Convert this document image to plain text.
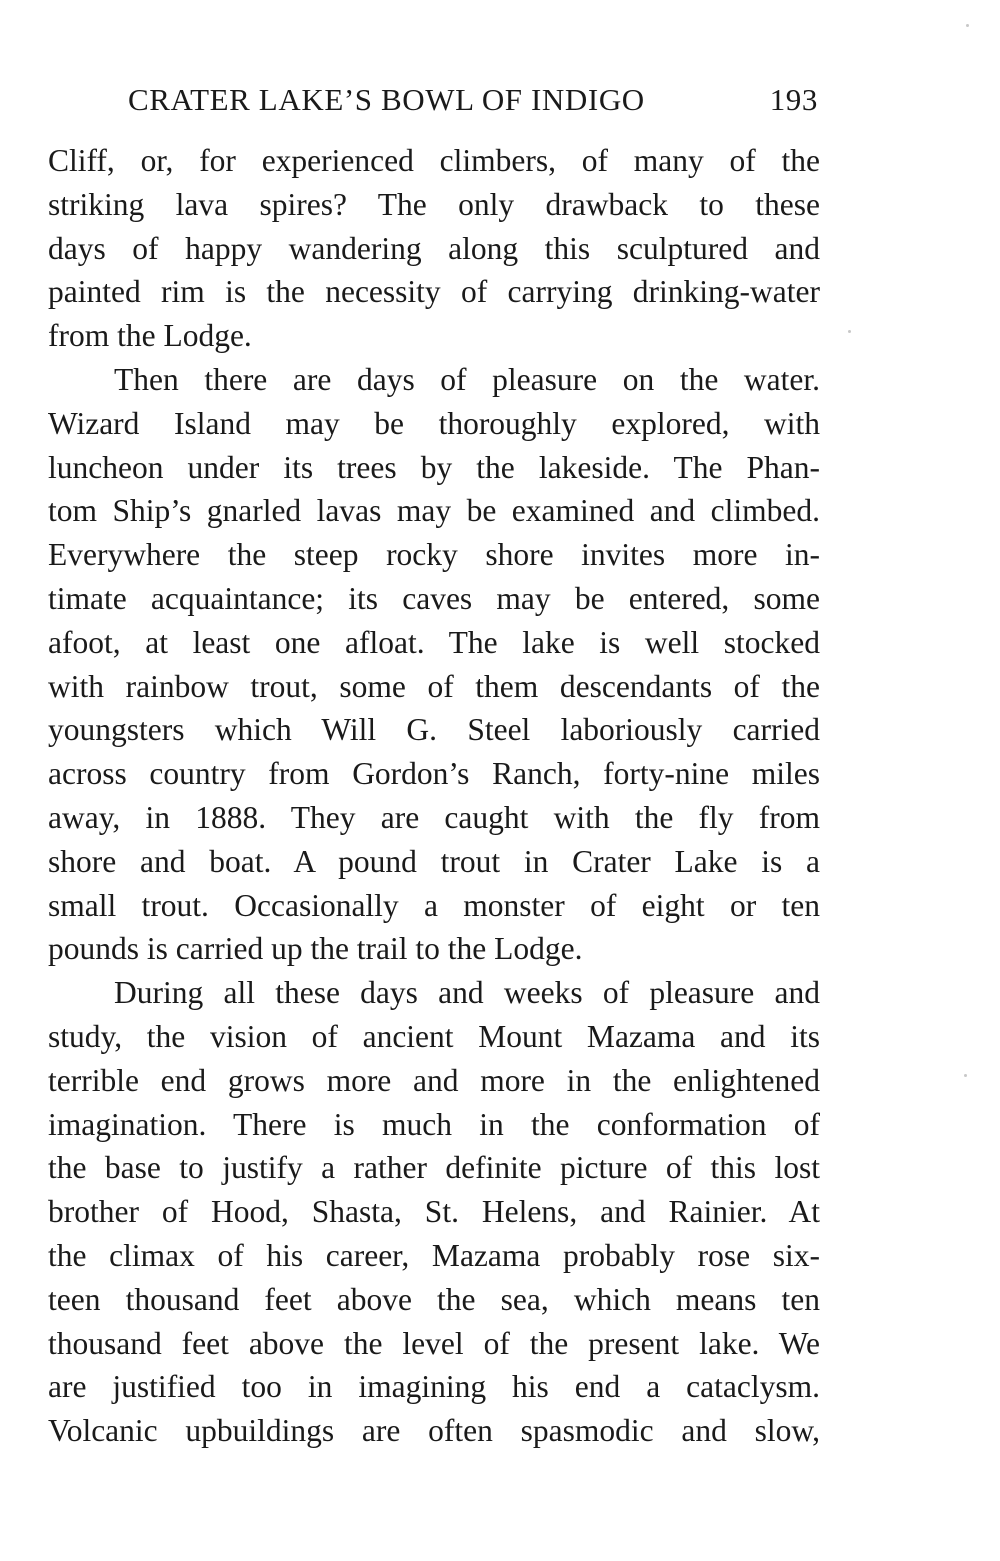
CRATER LAKE’S BOWL OF INDIGO	193
Cliff, or, for experienced climbers, of many of the
striking lava spires? The only drawback to these
days of happy wandering along this sculptured and
painted rim is the necessity of carrying drinking-water
from the Lodge.
Then there are days of pleasure on the water.
Wizard Island may be thoroughly explored, with
luncheon under its trees by the lakeside. The Phan-
tom Ship’s gnarled lavas may be examined and climbed.
Everywhere the steep rocky shore invites more in-
timate acquaintance; its caves may be entered, some
afoot, at least one afloat. The lake is well stocked
with rainbow trout, some of them descendants of the
youngsters which Will G. Steel laboriously carried
across country from Gordon’s Ranch, forty-nine miles
away, in 1888. They are caught with the fly from
shore and boat. A pound trout in Crater Lake is a
small trout. Occasionally a monster of eight or ten
pounds is carried up the trail to the Lodge.
During all these days and weeks of pleasure and
study, the vision of ancient Mount Mazama and its
terrible end grows more and more in the enlightened
imagination. There is much in the conformation of
the base to justify a rather definite picture of this lost
brother of Hood, Shasta, St. Helens, and Rainier. At
the climax of his career, Mazama probably rose six-
teen thousand feet above the sea, which means ten
thousand feet above the level of the present lake. We
are justified too in imagining his end a cataclysm.
Volcanic upbuildings are often spasmodic and slow,
